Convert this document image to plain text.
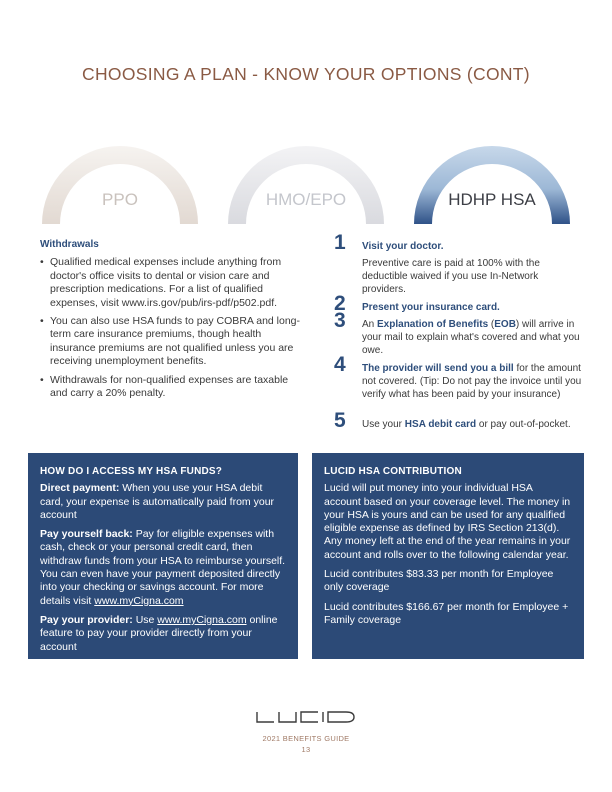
CHOOSING A PLAN - KNOW YOUR OPTIONS (CONT)
PPO	HMO/EPO	HDHP HSA
Withdrawals
• Qualified medical expenses include anything from doctor's office visits to dental or vision care and prescription medications. For a list of qualified expenses, visit www.irs.gov/pub/irs-pdf/p502.pdf.
• You can also use HSA funds to pay COBRA and long-term care insurance premiums, though health insurance premiums are not qualified unless you are receiving unemployment benefits.
• Withdrawals for non-qualified expenses are taxable and carry a 20% penalty.
1 Visit your doctor.
Preventive care is paid at 100% with the deductible waived if you use In-Network providers.
2 Present your insurance card.
3 An Explanation of Benefits (EOB) will arrive in your mail to explain what's covered and what you owe.
4 The provider will send you a bill for the amount not covered. (Tip: Do not pay the invoice until you verify what has been paid by your insurance)
5 Use your HSA debit card or pay out-of-pocket.
HOW DO I ACCESS MY HSA FUNDS?

Direct payment: When you use your HSA debit card, your expense is automatically paid from your account

Pay yourself back: Pay for eligible expenses with cash, check or your personal credit card, then withdraw funds from your HSA to reimburse yourself. You can even have your payment deposited directly into your checking or savings account. For more details visit www.myCigna.com

Pay your provider: Use www.myCigna.com online feature to pay your provider directly from your account

LUCID HSA CONTRIBUTION

Lucid will put money into your individual HSA account based on your coverage level. The money in your HSA is yours and can be used for any qualified eligible expense as defined by IRS Section 213(d). Any money left at the end of the year remains in your account and rolls over to the following calendar year.

Lucid contributes $83.33 per month for Employee only coverage

Lucid contributes $166.67 per month for Employee + Family coverage

2021 BENEFITS GUIDE
13
